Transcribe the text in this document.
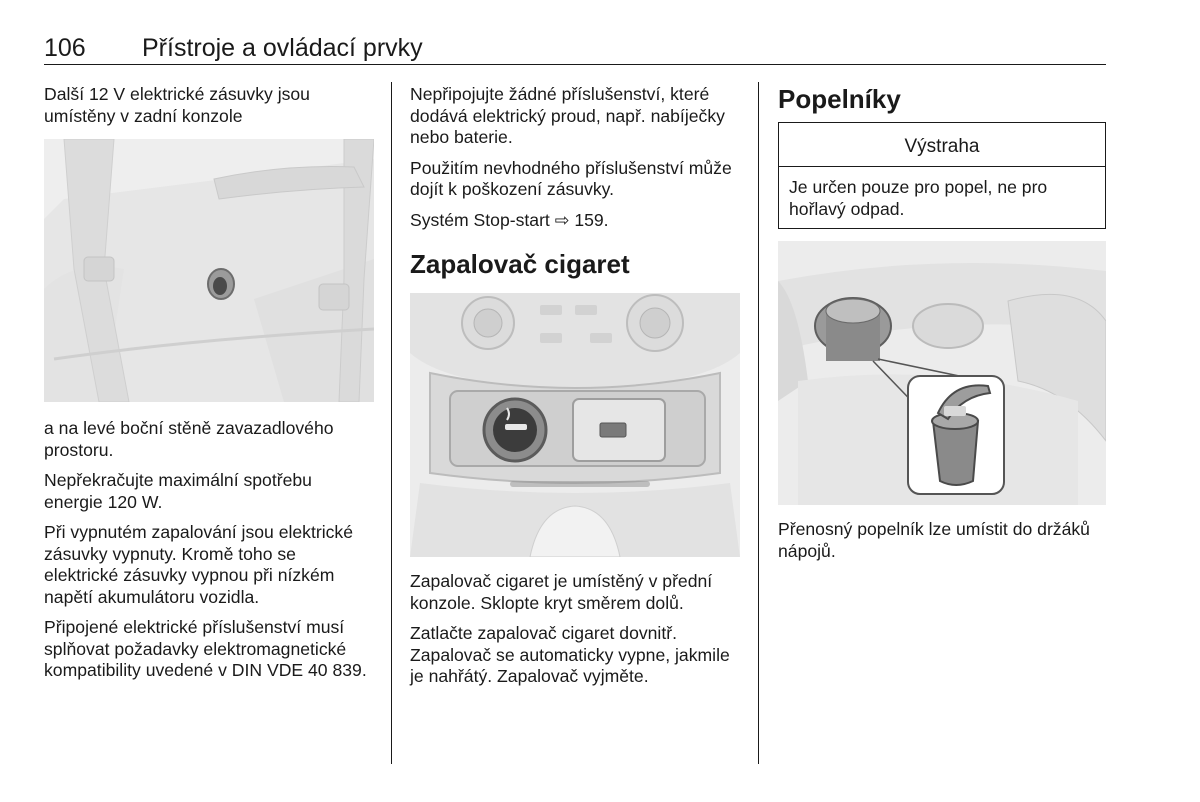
106 Přístroje a ovládací prvky

Další 12 V elektrické zásuvky jsou umístěny v zadní konzole

a na levé boční stěně zavazadlového prostoru.

Nepřekračujte maximální spotřebu energie 120 W.

Při vypnutém zapalování jsou elektrické zásuvky vypnuty. Kromě toho se elektrické zásuvky vypnou při nízkém napětí akumulátoru vozidla.

Připojené elektrické příslušenství musí splňovat požadavky elektromagnetické kompatibility uvedené v DIN VDE 40 839.

Nepřipojujte žádné příslušenství, které dodává elektrický proud, např. nabíječky nebo baterie.

Použitím nevhodného příslušenství může dojít k poškození zásuvky.

Systém Stop-start ⇨ 159.

Zapalovač cigaret

Zapalovač cigaret je umístěný v přední konzole. Sklopte kryt směrem dolů.

Zatlačte zapalovač cigaret dovnitř. Zapalovač se automaticky vypne, jakmile je nahřátý. Zapalovač vyjměte.

Popelníky
Výstraha
Je určen pouze pro popel, ne pro hořlavý odpad.

Přenosný popelník lze umístit do držáků nápojů.
